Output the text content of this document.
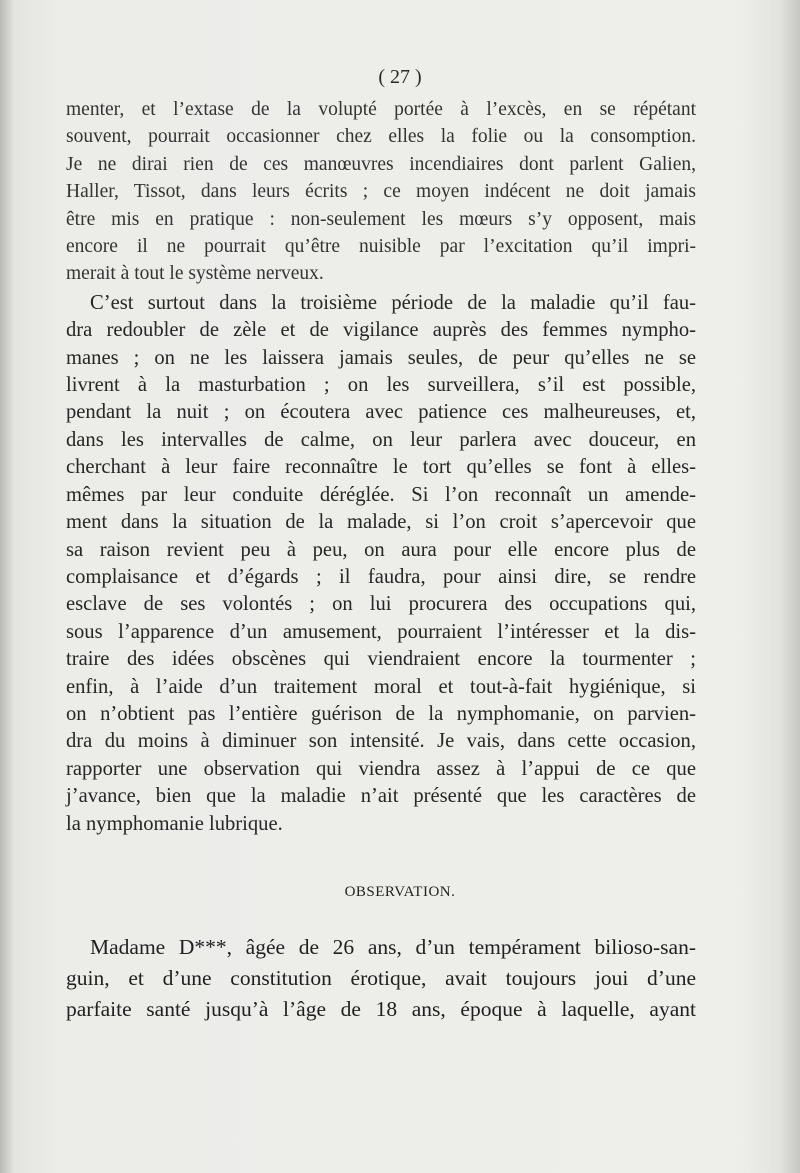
( 27 )

menter, et l’extase de la volupté portée à l’excès, en se répétant
souvent, pourrait occasionner chez elles la folie ou la consomption.
Je ne dirai rien de ces manœuvres incendiaires dont parlent Galien,
Haller, Tissot, dans leurs écrits ; ce moyen indécent ne doit jamais
être mis en pratique : non-seulement les mœurs s’y opposent, mais
encore il ne pourrait qu’être nuisible par l’excitation qu’il impri-
merait à tout le système nerveux.

C’est surtout dans la troisième période de la maladie qu’il fau-
dra redoubler de zèle et de vigilance auprès des femmes nympho-
manes ; on ne les laissera jamais seules, de peur qu’elles ne se
livrent à la masturbation ; on les surveillera, s’il est possible,
pendant la nuit ; on écoutera avec patience ces malheureuses, et,
dans les intervalles de calme, on leur parlera avec douceur, en
cherchant à leur faire reconnaître le tort qu’elles se font à elles-
mêmes par leur conduite déréglée. Si l’on reconnaît un amende-
ment dans la situation de la malade, si l’on croit s’apercevoir que
sa raison revient peu à peu, on aura pour elle encore plus de
complaisance et d’égards ; il faudra, pour ainsi dire, se rendre
esclave de ses volontés ; on lui procurera des occupations qui,
sous l’apparence d’un amusement, pourraient l’intéresser et la dis-
traire des idées obscènes qui viendraient encore la tourmenter ;
enfin, à l’aide d’un traitement moral et tout-à-fait hygiénique, si
on n’obtient pas l’entière guérison de la nymphomanie, on parvien-
dra du moins à diminuer son intensité. Je vais, dans cette occasion,
rapporter une observation qui viendra assez à l’appui de ce que
j’avance, bien que la maladie n’ait présenté que les caractères de
la nymphomanie lubrique.

OBSERVATION.

Madame D***, âgée de 26 ans, d’un tempérament bilioso-san-
guin, et d’une constitution érotique, avait toujours joui d’une
parfaite santé jusqu’à l’âge de 18 ans, époque à laquelle, ayant
